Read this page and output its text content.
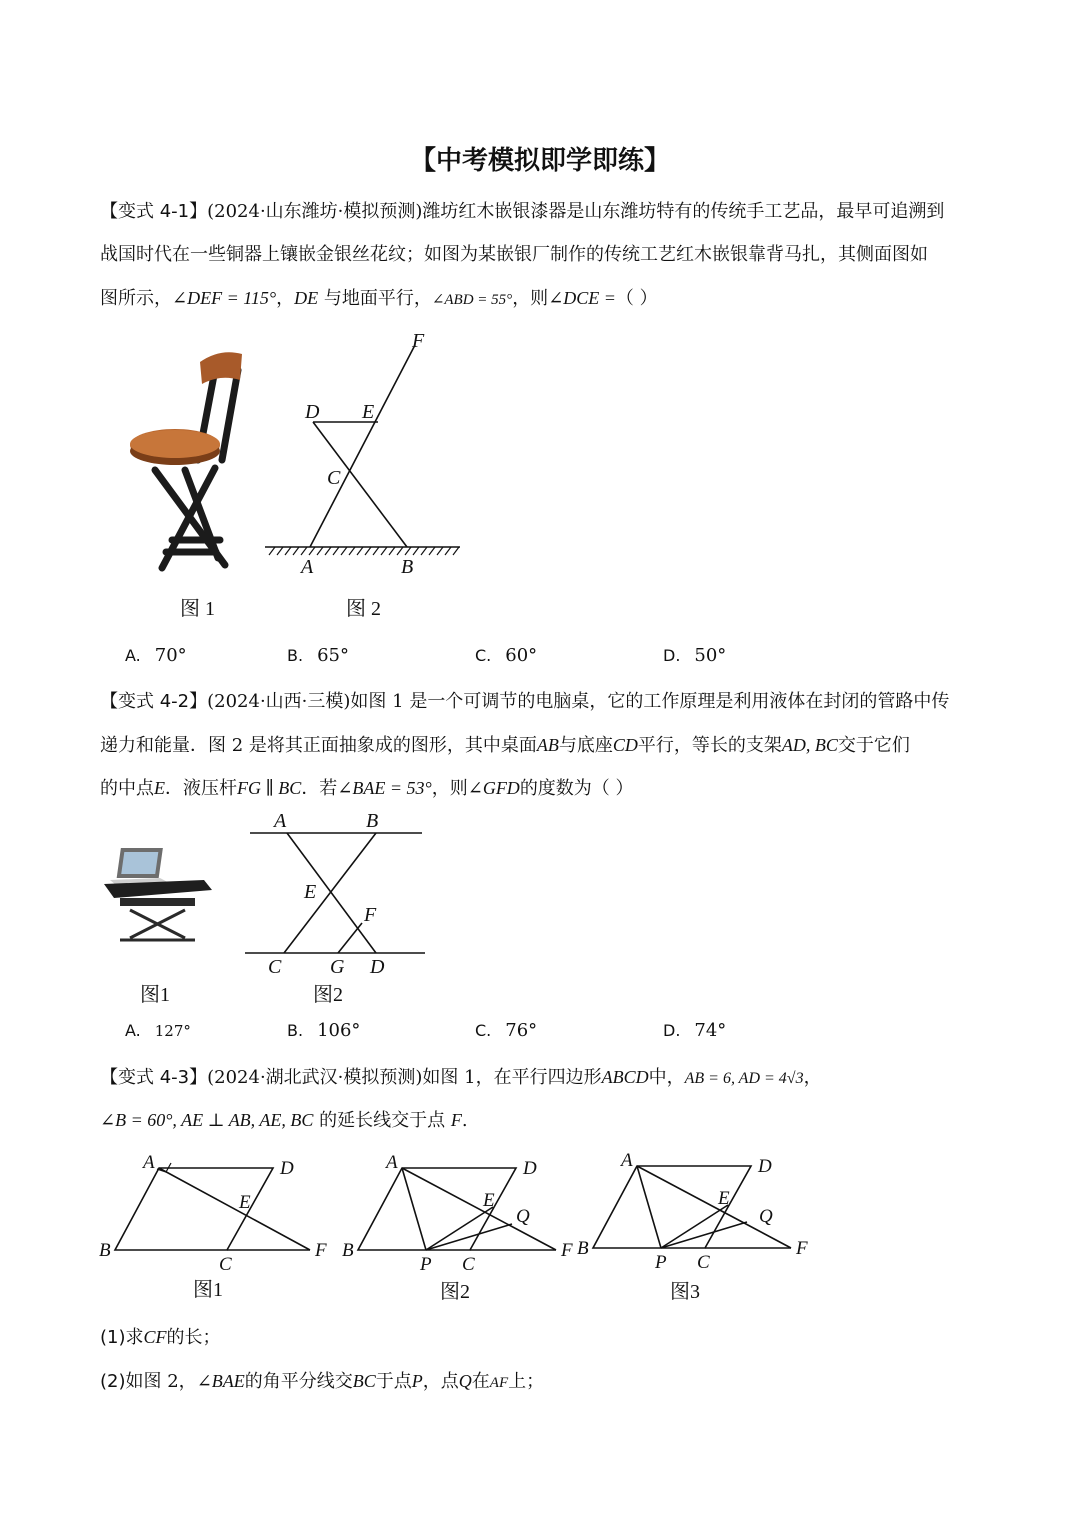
【中考模拟即学即练】
【变式 4-1】(2024·山东潍坊·模拟预测)潍坊红木嵌银漆器是山东潍坊特有的传统手工艺品，最早可追溯到
战国时代在一些铜器上镶嵌金银丝花纹；如图为某嵌银厂制作的传统工艺红木嵌银靠背马扎，其侧面图如
图所示，∠DEF = 115°，DE 与地面平行，∠ABD = 55°，则∠DCE =（ ）
F
D E
C
A	B
图 1	图 2
A. 70°	B. 65°	C. 60°	D. 50°
【变式 4-2】(2024·山西·三模)如图 1 是一个可调节的电脑桌，它的工作原理是利用液体在封闭的管路中传
递力和能量．图 2 是将其正面抽象成的图形，其中桌面AB与底座CD平行，等长的支架AD, BC交于它们
的中点E．液压杆FG ∥ BC．若∠BAE = 53°，则∠GFD的度数为（ ）
A	B
E
F
C G D
图1	图2
A. 127°	B. 106°	C. 76°	D. 74°
【变式 4-3】(2024·湖北武汉·模拟预测)如图 1，在平行四边形ABCD中，AB = 6, AD = 4√3，
∠B = 60°, AE ⊥ AB, AE, BC 的延长线交于点 F.
A	D
E
B
C
F
A	D
E
Q
B
P C
F
A	D
E
Q
B
P C
F
图1	图2	图3
(1)求CF的长；
(2)如图 2，∠BAE的角平分线交BC于点P，点Q在AF上；
